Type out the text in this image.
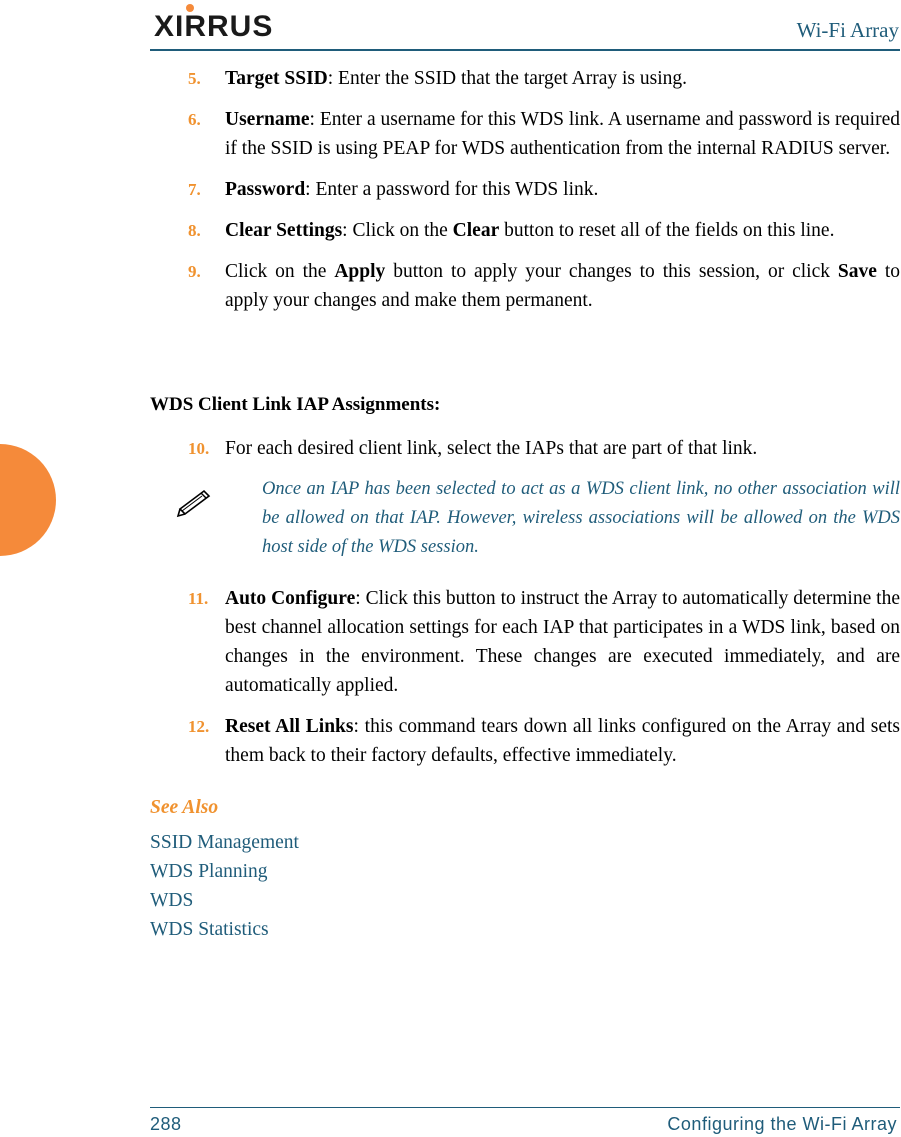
XIRRUS	Wi-Fi Array
5.	Target SSID: Enter the SSID that the target Array is using.
6.	Username: Enter a username for this WDS link. A username and password is required if the SSID is using PEAP for WDS authentication from the internal RADIUS server.
7.	Password: Enter a password for this WDS link.
8.	Clear Settings: Click on the Clear button to reset all of the fields on this line.
9.	Click on the Apply button to apply your changes to this session, or click Save to apply your changes and make them permanent.
WDS Client Link IAP Assignments:
10. For each desired client link, select the IAPs that are part of that link.
Once an IAP has been selected to act as a WDS client link, no other association will be allowed on that IAP. However, wireless associations will be allowed on the WDS host side of the WDS session.
11. Auto Configure: Click this button to instruct the Array to automatically determine the best channel allocation settings for each IAP that participates in a WDS link, based on changes in the environment. These changes are executed immediately, and are automatically applied.
12. Reset All Links: this command tears down all links configured on the Array and sets them back to their factory defaults, effective immediately.
See Also
SSID Management
WDS Planning
WDS
WDS Statistics
288	Configuring the Wi-Fi Array
